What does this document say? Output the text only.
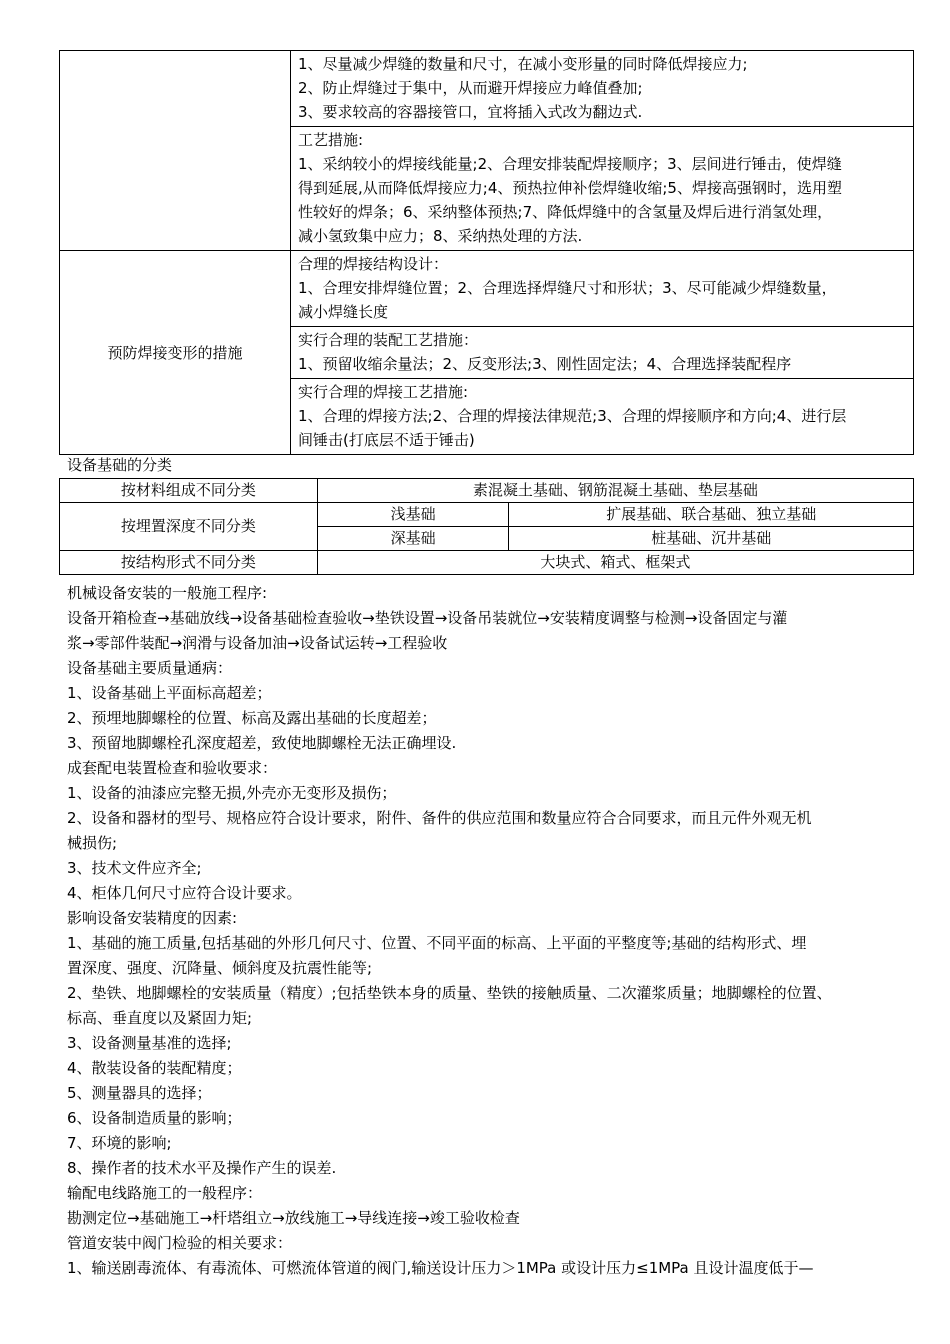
	1、尽量减少焊缝的数量和尺寸，在减小变形量的同时降低焊接应力;
2、防止焊缝过于集中，从而避开焊接应力峰值叠加;
3、要求较高的容器接管口，宜将插入式改为翻边式.

	工艺措施:
1、采纳较小的焊接线能量;2、合理安排装配焊接顺序；3、层间进行锤击，使焊缝
得到延展,从而降低焊接应力;4、预热拉伸补偿焊缝收缩;5、焊接高强钢时，选用塑
性较好的焊条；6、采纳整体预热;7、降低焊缝中的含氢量及焊后进行消氢处理，
减小氢致集中应力；8、采纳热处理的方法.

预防焊接变形的措施	合理的焊接结构设计：
1、合理安排焊缝位置；2、合理选择焊缝尺寸和形状；3、尽可能减少焊缝数量，
减小焊缝长度

	实行合理的装配工艺措施：
1、预留收缩余量法；2、反变形法;3、刚性固定法；4、合理选择装配程序

	实行合理的焊接工艺措施:
1、合理的焊接方法;2、合理的焊接法律规范;3、合理的焊接顺序和方向;4、进行层
间锤击(打底层不适于锤击)
设备基础的分类
按材料组成不同分类	素混凝土基础、钢筋混凝土基础、垫层基础	
按埋置深度不同分类	浅基础	扩展基础、联合基础、独立基础
	深基础	桩基础、沉井基础
按结构形式不同分类	大块式、箱式、框架式	
机械设备安装的一般施工程序:
设备开箱检查→基础放线→设备基础检查验收→垫铁设置→设备吊装就位→安装精度调整与检测→设备固定与灌
浆→零部件装配→润滑与设备加油→设备试运转→工程验收
设备基础主要质量通病：
1、设备基础上平面标高超差；
2、预埋地脚螺栓的位置、标高及露出基础的长度超差；
3、预留地脚螺栓孔深度超差，致使地脚螺栓无法正确埋设.
成套配电装置检查和验收要求：
1、设备的油漆应完整无损,外壳亦无变形及损伤；
2、设备和器材的型号、规格应符合设计要求，附件、备件的供应范围和数量应符合合同要求，而且元件外观无机
械损伤;
3、技术文件应齐全;
4、柜体几何尺寸应符合设计要求。
影响设备安装精度的因素:
1、基础的施工质量,包括基础的外形几何尺寸、位置、不同平面的标高、上平面的平整度等;基础的结构形式、埋
置深度、强度、沉降量、倾斜度及抗震性能等;
2、垫铁、地脚螺栓的安装质量（精度）;包括垫铁本身的质量、垫铁的接触质量、二次灌浆质量；地脚螺栓的位置、
标高、垂直度以及紧固力矩;
3、设备测量基准的选择;
4、散装设备的装配精度；
5、测量器具的选择；
6、设备制造质量的影响；
7、环境的影响;
8、操作者的技术水平及操作产生的误差.
输配电线路施工的一般程序：
勘测定位→基础施工→杆塔组立→放线施工→导线连接→竣工验收检查
管道安装中阀门检验的相关要求：
1、输送剧毒流体、有毒流体、可燃流体管道的阀门,输送设计压力＞1MPa 或设计压力≤1MPa 且设计温度低于—
